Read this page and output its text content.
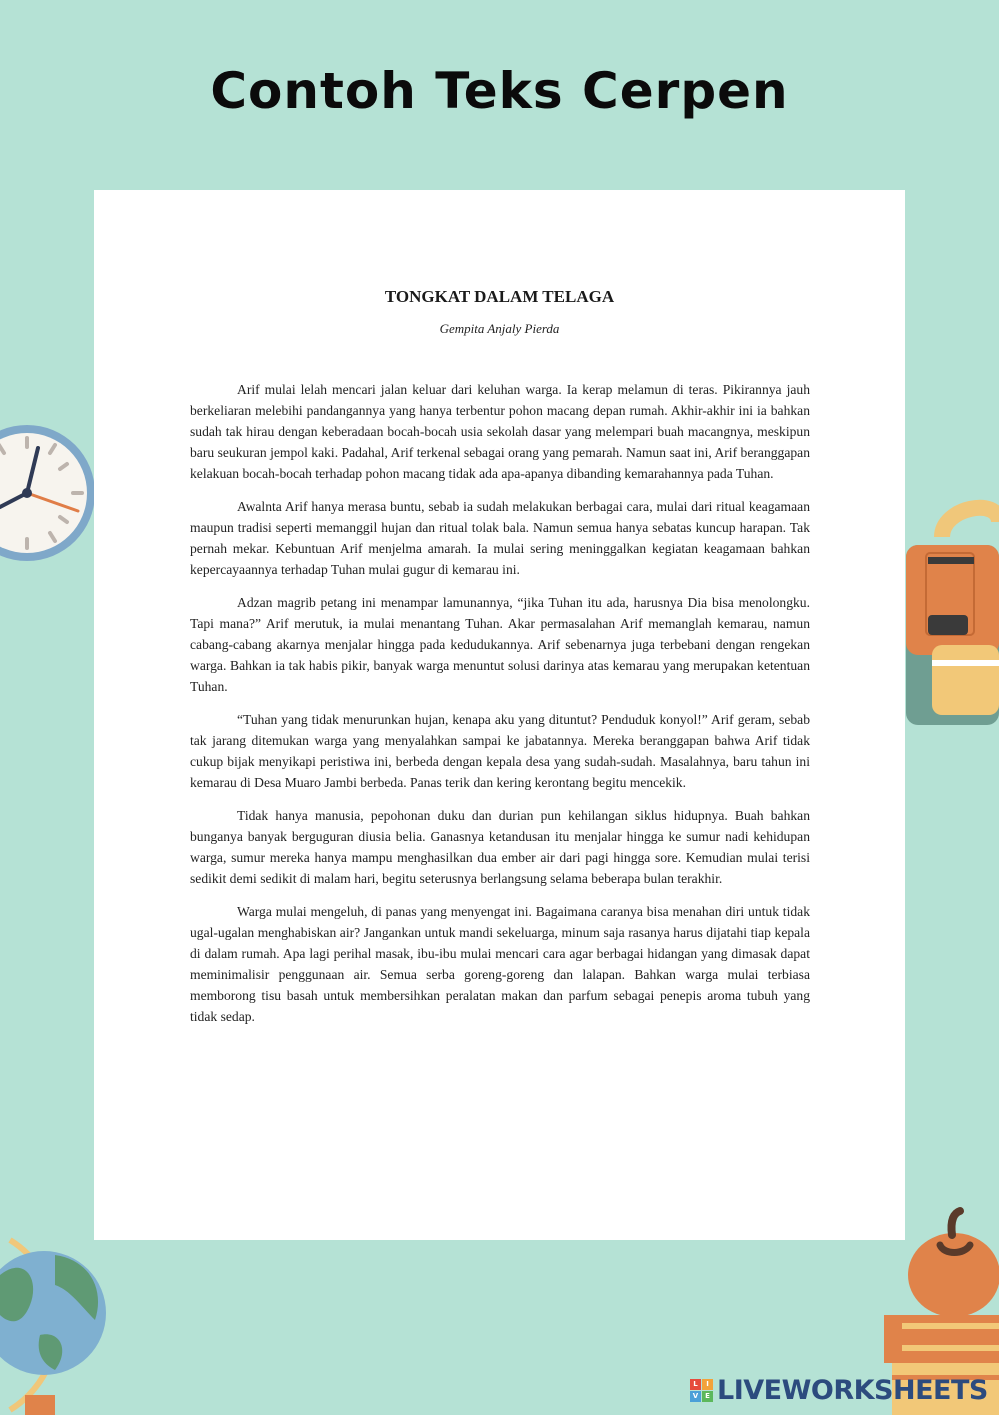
Contoh Teks Cerpen
TONGKAT DALAM TELAGA
Gempita Anjaly Pierda

Arif mulai lelah mencari jalan keluar dari keluhan warga. Ia kerap melamun di teras. Pikirannya jauh berkeliaran melebihi pandangannya yang hanya terbentur pohon macang depan rumah. Akhir-akhir ini ia bahkan sudah tak hirau dengan keberadaan bocah-bocah usia sekolah dasar yang melempari buah macangnya, meskipun baru seukuran jempol kaki. Padahal, Arif terkenal sebagai orang yang pemarah. Namun saat ini, Arif beranggapan kelakuan bocah-bocah terhadap pohon macang tidak ada apa-apanya dibanding kemarahannya pada Tuhan.

Awalnta Arif hanya merasa buntu, sebab ia sudah melakukan berbagai cara, mulai dari ritual keagamaan maupun tradisi seperti memanggil hujan dan ritual tolak bala. Namun semua hanya sebatas kuncup harapan. Tak pernah mekar. Kebuntuan Arif menjelma amarah. Ia mulai sering meninggalkan kegiatan keagamaan bahkan kepercayaannya terhadap Tuhan mulai gugur di kemarau ini.

Adzan magrib petang ini menampar lamunannya, “jika Tuhan itu ada, harusnya Dia bisa menolongku. Tapi mana?” Arif merutuk, ia mulai menantang Tuhan. Akar permasalahan Arif memanglah kemarau, namun cabang-cabang akarnya menjalar hingga pada kedudukannya. Arif sebenarnya juga terbebani dengan rengekan warga. Bahkan ia tak habis pikir, banyak warga menuntut solusi darinya atas kemarau yang merupakan ketentuan Tuhan.

“Tuhan yang tidak menurunkan hujan, kenapa aku yang dituntut? Penduduk konyol!” Arif geram, sebab tak jarang ditemukan warga yang menyalahkan sampai ke jabatannya. Mereka beranggapan bahwa Arif tidak cukup bijak menyikapi peristiwa ini, berbeda dengan kepala desa yang sudah-sudah. Masalahnya, baru tahun ini kemarau di Desa Muaro Jambi berbeda. Panas terik dan kering kerontang begitu mencekik.

Tidak hanya manusia, pepohonan duku dan durian pun kehilangan siklus hidupnya. Buah bahkan bunganya banyak berguguran diusia belia. Ganasnya ketandusan itu menjalar hingga ke sumur nadi kehidupan warga, sumur mereka hanya mampu menghasilkan dua ember air dari pagi hingga sore. Kemudian mulai terisi sedikit demi sedikit di malam hari, begitu seterusnya berlangsung selama beberapa bulan terakhir.

Warga mulai mengeluh, di panas yang menyengat ini. Bagaimana caranya bisa menahan diri untuk tidak ugal-ugalan menghabiskan air? Jangankan untuk mandi sekeluarga, minum saja rasanya harus dijatahi tiap kepala di dalam rumah. Apa lagi perihal masak, ibu-ibu mulai mencari cara agar berbagai hidangan yang dimasak dapat meminimalisir penggunaan air. Semua serba goreng-goreng dan lalapan. Bahkan warga mulai terbiasa memborong tisu basah untuk membersihkan peralatan makan dan parfum sebagai penepis aroma tubuh yang tidak sedap.

L	I
V E LIVEWORKSHEETS
